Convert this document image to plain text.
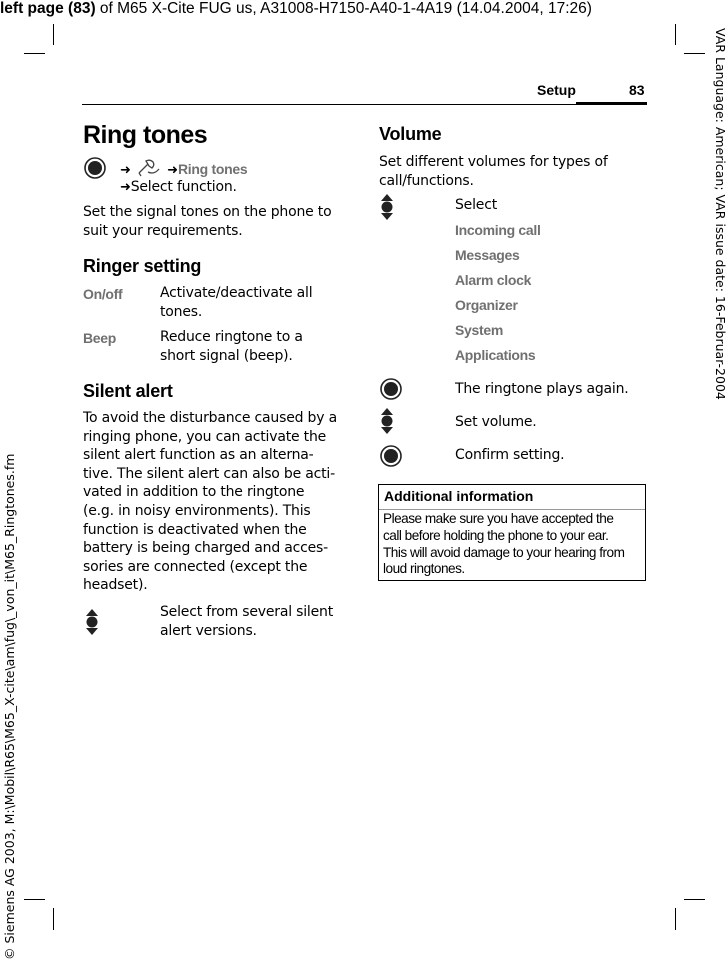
left page (83) of M65 X-Cite FUG us, A31008-H7150-A40-1-4A19 (14.04.2004, 17:26)
VAR Language: American; VAR issue date: 16-Februar-2004
© Siemens AG 2003, M:\Mobil\R65\M65_X-cite\am\fug\_von_it\M65_Ringtones.fm
Setup	83
Ring tones
➜	➜Ring tones
➜Select function.
Set the signal tones on the phone to
suit your requirements.
Ringer setting
On/off	Activate/deactivate all
tones.
Beep	Reduce ringtone to a
short signal (beep).
Silent alert
To avoid the disturbance caused by a
ringing phone, you can activate the
silent alert function as an alterna-
tive. The silent alert can also be acti-
vated in addition to the ringtone
(e.g. in noisy environments). This
function is deactivated when the
battery is being charged and acces-
sories are connected (except the
headset).
Select from several silent
alert versions.
Volume
Set different volumes for types of
call/functions.
Select
Incoming call
Messages
Alarm clock
Organizer
System
Applications
The ringtone plays again.
Set volume.
Confirm setting.
Additional information
Please make sure you have accepted the
call before holding the phone to your ear.
This will avoid damage to your hearing from
loud ringtones.
